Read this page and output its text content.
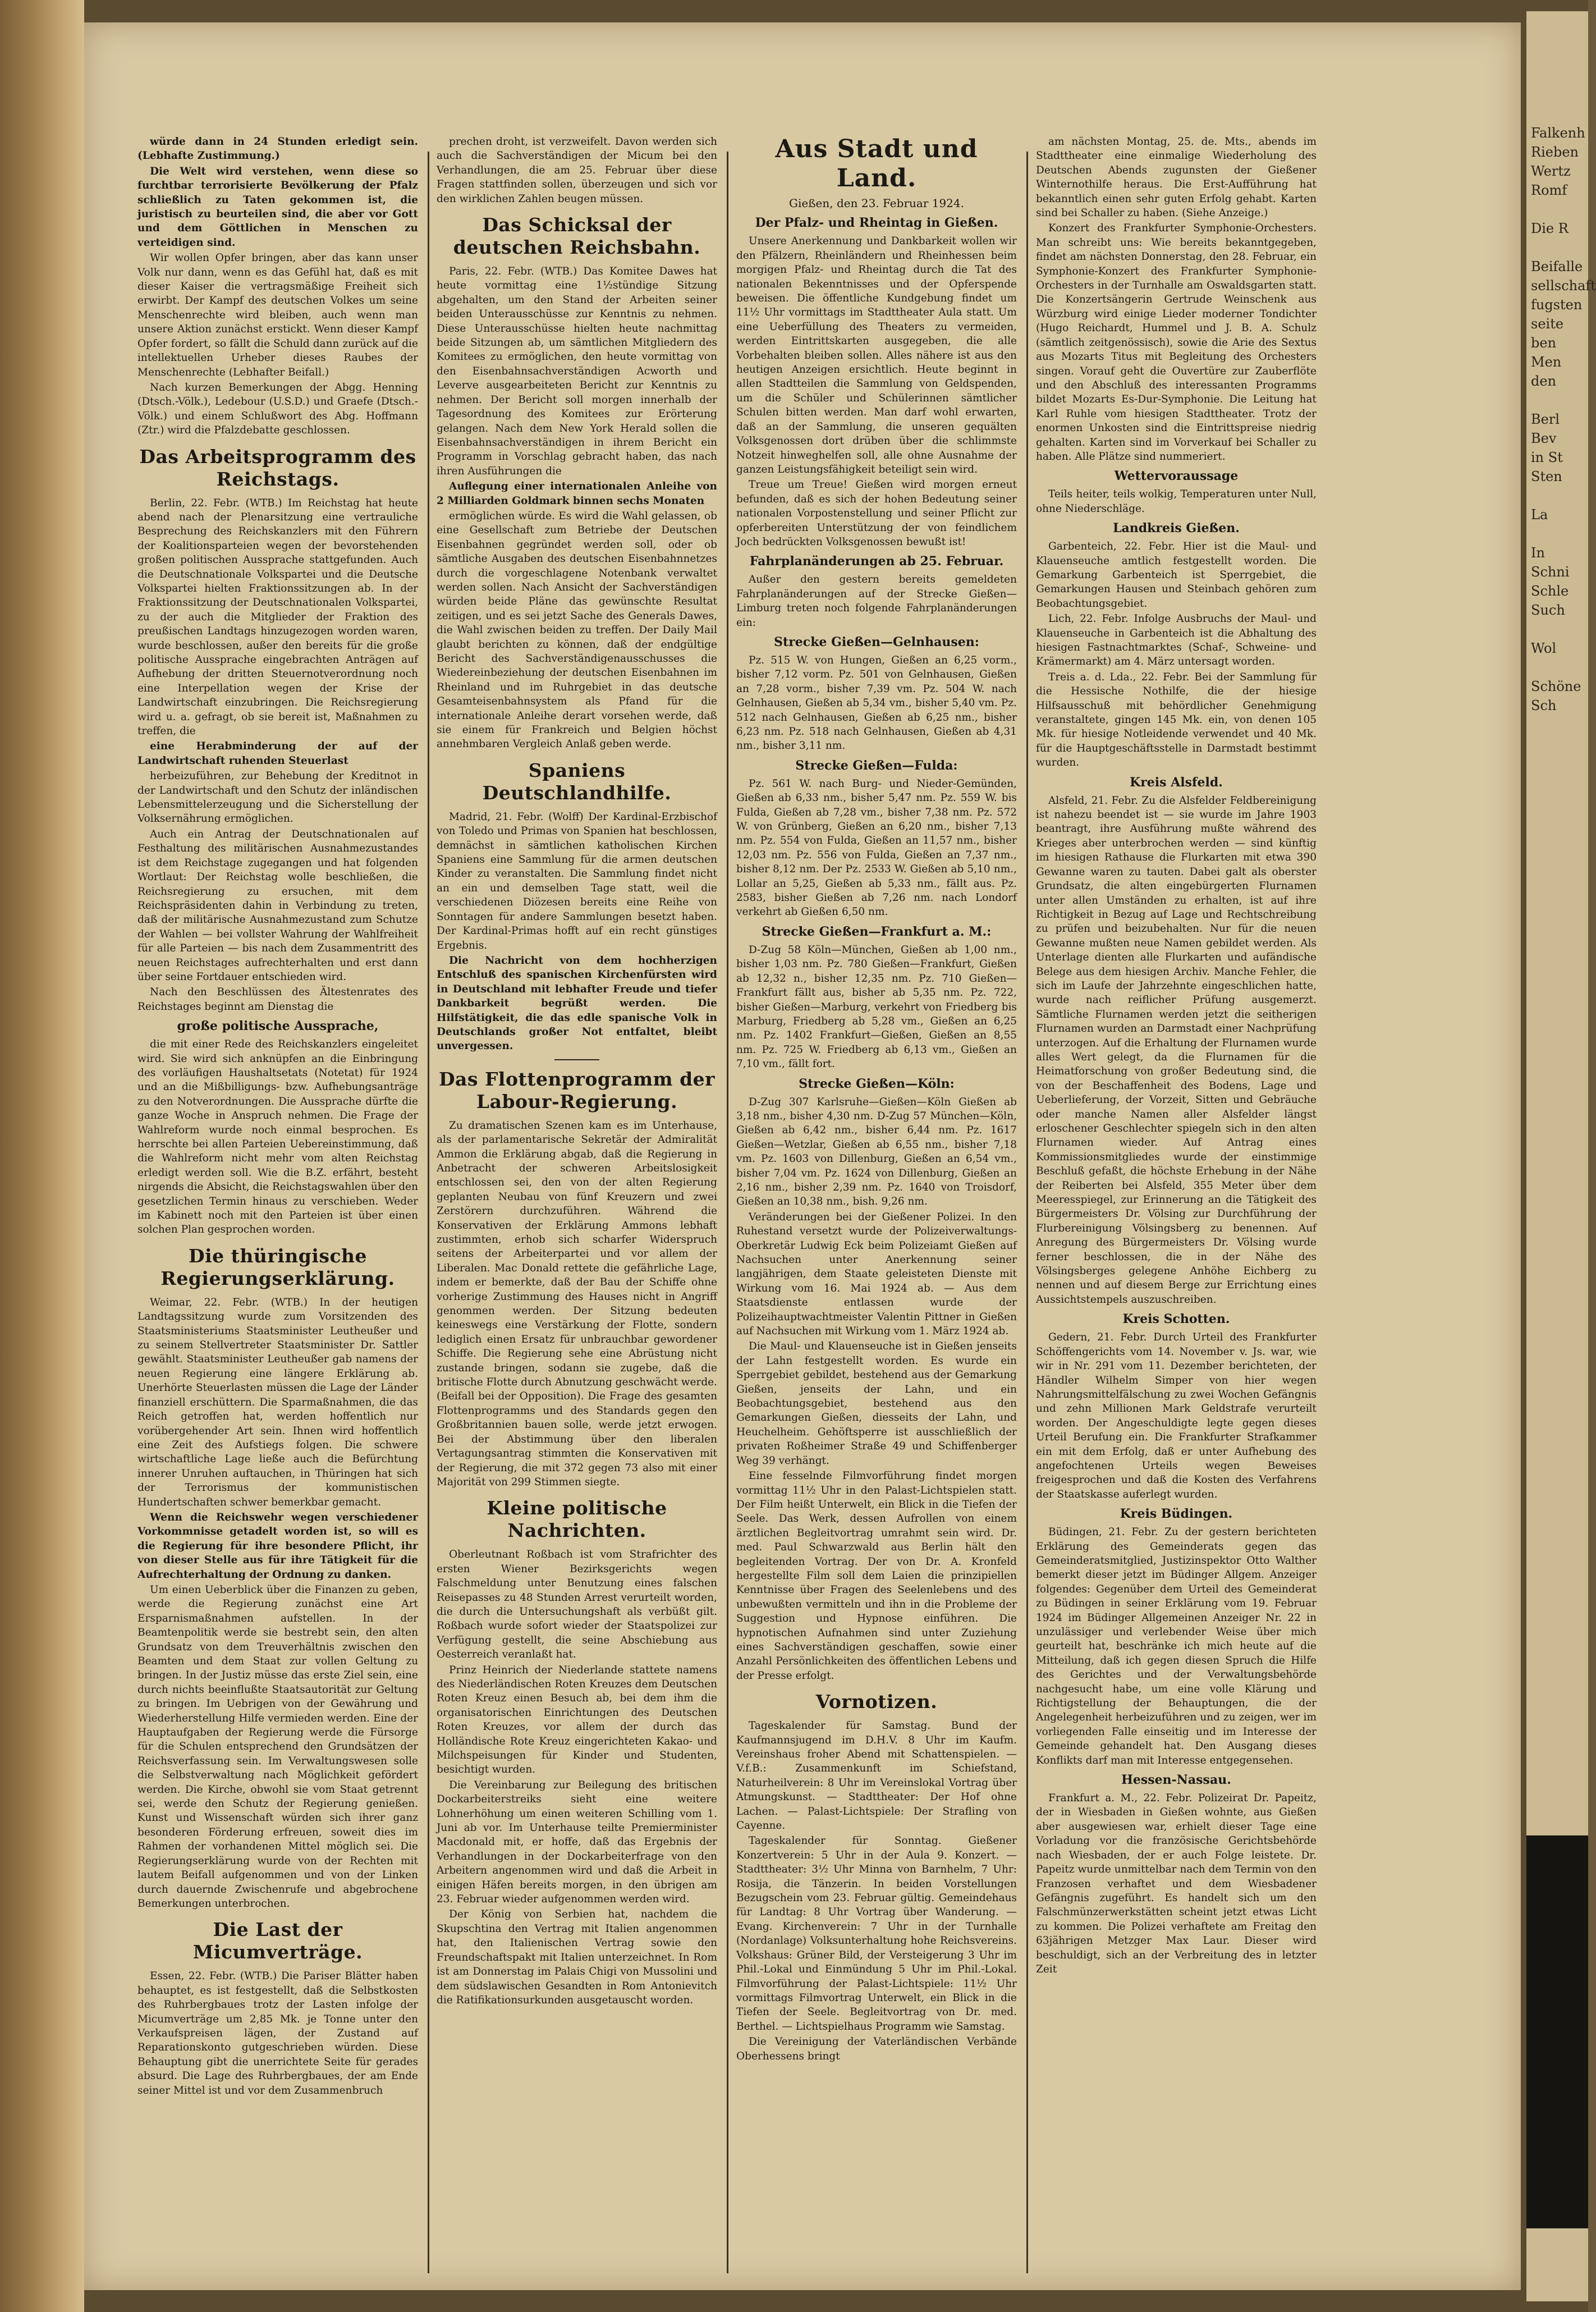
würde dann in 24 Stunden erledigt sein. (Lebhafte Zustimmung.)

Die Welt wird verstehen, wenn diese so furchtbar terrorisierte Bevölkerung der Pfalz schließlich zu Taten gekommen ist, die juristisch zu beurteilen sind, die aber vor Gott und dem Göttlichen in Menschen zu verteidigen sind.

Wir wollen Opfer bringen, aber das kann unser Volk nur dann, wenn es das Gefühl hat, daß es mit dieser Kaiser die vertragsmäßige Freiheit sich erwirbt. Der Kampf des deutschen Volkes um seine Menschenrechte wird bleiben, auch wenn man unsere Aktion zunächst erstickt. Wenn dieser Kampf Opfer fordert, so fällt die Schuld dann zurück auf die intellektuellen Urheber dieses Raubes der Menschenrechte (Lebhafter Beifall.)

Nach kurzen Bemerkungen der Abgg. Henning (Dtsch.-Völk.), Ledebour (U.S.D.) und Graefe (Dtsch.-Völk.) und einem Schlußwort des Abg. Hoffmann (Ztr.) wird die Pfalzdebatte geschlossen.

Das Arbeitsprogramm des Reichstags.

Berlin, 22. Febr. (WTB.) Im Reichstag hat heute abend nach der Plenarsitzung eine vertrauliche Besprechung des Reichskanzlers mit den Führern der Koalitionsparteien wegen der bevorstehenden großen politischen Aussprache stattgefunden. Auch die Deutschnationale Volkspartei und die Deutsche Volkspartei hielten Fraktionssitzungen ab. In der Fraktionssitzung der Deutschnationalen Volkspartei, zu der auch die Mitglieder der Fraktion des preußischen Landtags hinzugezogen worden waren, wurde beschlossen, außer den bereits für die große politische Aussprache eingebrachten Anträgen auf Aufhebung der dritten Steuernotverordnung noch eine Interpellation wegen der Krise der Landwirtschaft einzubringen. Die Reichsregierung wird u. a. gefragt, ob sie bereit ist, Maßnahmen zu treffen, die

eine Herabminderung der auf der Landwirtschaft ruhenden Steuerlast

herbeizuführen, zur Behebung der Kreditnot in der Landwirtschaft und den Schutz der inländischen Lebensmittelerzeugung und die Sicherstellung der Volksernährung ermöglichen.

Auch ein Antrag der Deutschnationalen auf Festhaltung des militärischen Ausnahmezustandes ist dem Reichstage zugegangen und hat folgenden Wortlaut: Der Reichstag wolle beschließen, die Reichsregierung zu ersuchen, mit dem Reichspräsidenten dahin in Verbindung zu treten, daß der militärische Ausnahmezustand zum Schutze der Wahlen — bei vollster Wahrung der Wahlfreiheit für alle Parteien — bis nach dem Zusammentritt des neuen Reichstages aufrechterhalten und erst dann über seine Fortdauer entschieden wird.

Nach den Beschlüssen des Ältestenrates des Reichstages beginnt am Dienstag die

große politische Aussprache,

die mit einer Rede des Reichskanzlers eingeleitet wird. Sie wird sich anknüpfen an die Einbringung des vorläufigen Haushaltsetats (Notetat) für 1924 und an die Mißbilligungs- bzw. Aufhebungsanträge zu den Notverordnungen. Die Aussprache dürfte die ganze Woche in Anspruch nehmen. Die Frage der Wahlreform wurde noch einmal besprochen. Es herrschte bei allen Parteien Uebereinstimmung, daß die Wahlreform nicht mehr vom alten Reichstag erledigt werden soll. Wie die B.Z. erfährt, besteht nirgends die Absicht, die Reichstagswahlen über den gesetzlichen Termin hinaus zu verschieben. Weder im Kabinett noch mit den Parteien ist über einen solchen Plan gesprochen worden.

Die thüringische Regierungserklärung.

Weimar, 22. Febr. (WTB.) In der heutigen Landtagssitzung wurde zum Vorsitzenden des Staatsministeriums Staatsminister Leutheußer und zu seinem Stellvertreter Staatsminister Dr. Sattler gewählt. Staatsminister Leutheußer gab namens der neuen Regierung eine längere Erklärung ab. Unerhörte Steuerlasten müssen die Lage der Länder finanziell erschüttern. Die Sparmaßnahmen, die das Reich getroffen hat, werden hoffentlich nur vorübergehender Art sein. Ihnen wird hoffentlich eine Zeit des Aufstiegs folgen. Die schwere wirtschaftliche Lage ließe auch die Befürchtung innerer Unruhen auftauchen, in Thüringen hat sich der Terrorismus der kommunistischen Hundertschaften schwer bemerkbar gemacht.

Wenn die Reichswehr wegen verschiedener Vorkommnisse getadelt worden ist, so will es die Regierung für ihre besondere Pflicht, ihr von dieser Stelle aus für ihre Tätigkeit für die Aufrechterhaltung der Ordnung zu danken.

Um einen Ueberblick über die Finanzen zu geben, werde die Regierung zunächst eine Art Ersparnismaßnahmen aufstellen. In der Beamtenpolitik werde sie bestrebt sein, den alten Grundsatz von dem Treuverhältnis zwischen den Beamten und dem Staat zur vollen Geltung zu bringen. In der Justiz müsse das erste Ziel sein, eine durch nichts beeinflußte Staatsautorität zur Geltung zu bringen. Im Uebrigen von der Gewährung und Wiederherstellung Hilfe vermieden werden. Eine der Hauptaufgaben der Regierung werde die Fürsorge für die Schulen entsprechend den Grundsätzen der Reichsverfassung sein. Im Verwaltungswesen solle die Selbstverwaltung nach Möglichkeit gefördert werden. Die Kirche, obwohl sie vom Staat getrennt sei, werde den Schutz der Regierung genießen. Kunst und Wissenschaft würden sich ihrer ganz besonderen Förderung erfreuen, soweit dies im Rahmen der vorhandenen Mittel möglich sei. Die Regierungserklärung wurde von der Rechten mit lautem Beifall aufgenommen und von der Linken durch dauernde Zwischenrufe und abgebrochene Bemerkungen unterbrochen.

Die Last der Micumverträge.

Essen, 22. Febr. (WTB.) Die Pariser Blätter haben behauptet, es ist festgestellt, daß die Selbstkosten des Ruhrbergbaues trotz der Lasten infolge der Micumverträge um 2,85 Mk. je Tonne unter den Verkaufspreisen lägen, der Zustand auf Reparationskonto gutgeschrieben würden. Diese Behauptung gibt die unerrichtete Seite für gerades absurd. Die Lage des Ruhrbergbaues, der am Ende seiner Mittel ist und vor dem Zusammenbruch

prechen droht, ist verzweifelt. Davon werden sich auch die Sachverständigen der Micum bei den Verhandlungen, die am 25. Februar über diese Fragen stattfinden sollen, überzeugen und sich vor den wirklichen Zahlen beugen müssen.

Das Schicksal der deutschen Reichsbahn.

Paris, 22. Febr. (WTB.) Das Komitee Dawes hat heute vormittag eine 1½stündige Sitzung abgehalten, um den Stand der Arbeiten seiner beiden Unterausschüsse zur Kenntnis zu nehmen. Diese Unterausschüsse hielten heute nachmittag beide Sitzungen ab, um sämtlichen Mitgliedern des Komitees zu ermöglichen, den heute vormittag von den Eisenbahnsachverständigen Acworth und Leverve ausgearbeiteten Bericht zur Kenntnis zu nehmen. Der Bericht soll morgen innerhalb der Tagesordnung des Komitees zur Erörterung gelangen. Nach dem New York Herald sollen die Eisenbahnsachverständigen in ihrem Bericht ein Programm in Vorschlag gebracht haben, das nach ihren Ausführungen die

Auflegung einer internationalen Anleihe von 2 Milliarden Goldmark binnen sechs Monaten

ermöglichen würde. Es wird die Wahl gelassen, ob eine Gesellschaft zum Betriebe der Deutschen Eisenbahnen gegründet werden soll, oder ob sämtliche Ausgaben des deutschen Eisenbahnnetzes durch die vorgeschlagene Notenbank verwaltet werden sollen. Nach Ansicht der Sachverständigen würden beide Pläne das gewünschte Resultat zeitigen, und es sei jetzt Sache des Generals Dawes, die Wahl zwischen beiden zu treffen. Der Daily Mail glaubt berichten zu können, daß der endgültige Bericht des Sachverständigenausschusses die Wiedereinbeziehung der deutschen Eisenbahnen im Rheinland und im Ruhrgebiet in das deutsche Gesamteisenbahnsystem als Pfand für die internationale Anleihe derart vorsehen werde, daß sie einem für Frankreich und Belgien höchst annehmbaren Vergleich Anlaß geben werde.

Spaniens Deutschlandhilfe.

Madrid, 21. Febr. (Wolff) Der Kardinal-Erzbischof von Toledo und Primas von Spanien hat beschlossen, demnächst in sämtlichen katholischen Kirchen Spaniens eine Sammlung für die armen deutschen Kinder zu veranstalten. Die Sammlung findet nicht an ein und demselben Tage statt, weil die verschiedenen Diözesen bereits eine Reihe von Sonntagen für andere Sammlungen besetzt haben. Der Kardinal-Primas hofft auf ein recht günstiges Ergebnis.

Die Nachricht von dem hochherzigen Entschluß des spanischen Kirchenfürsten wird in Deutschland mit lebhafter Freude und tiefer Dankbarkeit begrüßt werden. Die Hilfstätigkeit, die das edle spanische Volk in Deutschlands großer Not entfaltet, bleibt unvergessen.

Das Flottenprogramm der Labour-Regierung.

Zu dramatischen Szenen kam es im Unterhause, als der parlamentarische Sekretär der Admiralität Ammon die Erklärung abgab, daß die Regierung in Anbetracht der schweren Arbeitslosigkeit entschlossen sei, den von der alten Regierung geplanten Neubau von fünf Kreuzern und zwei Zerstörern durchzuführen. Während die Konservativen der Erklärung Ammons lebhaft zustimmten, erhob sich scharfer Widerspruch seitens der Arbeiterpartei und vor allem der Liberalen. Mac Donald rettete die gefährliche Lage, indem er bemerkte, daß der Bau der Schiffe ohne vorherige Zustimmung des Hauses nicht in Angriff genommen werden. Der Sitzung bedeuten keineswegs eine Verstärkung der Flotte, sondern lediglich einen Ersatz für unbrauchbar gewordener Schiffe. Die Regierung sehe eine Abrüstung nicht zustande bringen, sodann sie zugebe, daß die britische Flotte durch Abnutzung geschwächt werde. (Beifall bei der Opposition). Die Frage des gesamten Flottenprogramms und des Standards gegen den Großbritannien bauen solle, werde jetzt erwogen. Bei der Abstimmung über den liberalen Vertagungsantrag stimmten die Konservativen mit der Regierung, die mit 372 gegen 73 also mit einer Majorität von 299 Stimmen siegte.

Kleine politische Nachrichten.

Oberleutnant Roßbach ist vom Strafrichter des ersten Wiener Bezirksgerichts wegen Falschmeldung unter Benutzung eines falschen Reisepasses zu 48 Stunden Arrest verurteilt worden, die durch die Untersuchungshaft als verbüßt gilt. Roßbach wurde sofort wieder der Staatspolizei zur Verfügung gestellt, die seine Abschiebung aus Oesterreich veranlaßt hat.

Prinz Heinrich der Niederlande stattete namens des Niederländischen Roten Kreuzes dem Deutschen Roten Kreuz einen Besuch ab, bei dem ihm die organisatorischen Einrichtungen des Deutschen Roten Kreuzes, vor allem der durch das Holländische Rote Kreuz eingerichteten Kakao- und Milchspeisungen für Kinder und Studenten, besichtigt wurden.

Die Vereinbarung zur Beilegung des britischen Dockarbeiterstreiks sieht eine weitere Lohnerhöhung um einen weiteren Schilling vom 1. Juni ab vor. Im Unterhause teilte Premierminister Macdonald mit, er hoffe, daß das Ergebnis der Verhandlungen in der Dockarbeiterfrage von den Arbeitern angenommen wird und daß die Arbeit in einigen Häfen bereits morgen, in den übrigen am 23. Februar wieder aufgenommen werden wird.

Der König von Serbien hat, nachdem die Skupschtina den Vertrag mit Italien angenommen hat, den Italienischen Vertrag sowie den Freundschaftspakt mit Italien unterzeichnet. In Rom ist am Donnerstag im Palais Chigi von Mussolini und dem südslawischen Gesandten in Rom Antonievitch die Ratifikationsurkunden ausgetauscht worden.

Aus Stadt und Land.
Gießen, den 23. Februar 1924.
Der Pfalz- und Rheintag in Gießen.

Unsere Anerkennung und Dankbarkeit wollen wir den Pfälzern, Rheinländern und Rheinhessen beim morgigen Pfalz- und Rheintag durch die Tat des nationalen Bekenntnisses und der Opferspende beweisen. Die öffentliche Kundgebung findet um 11½ Uhr vormittags im Stadttheater Aula statt. Um eine Ueberfüllung des Theaters zu vermeiden, werden Eintrittskarten ausgegeben, die alle Vorbehalten bleiben sollen. Alles nähere ist aus den heutigen Anzeigen ersichtlich. Heute beginnt in allen Stadtteilen die Sammlung von Geldspenden, um die Schüler und Schülerinnen sämtlicher Schulen bitten werden. Man darf wohl erwarten, daß an der Sammlung, die unseren gequälten Volksgenossen dort drüben über die schlimmste Notzeit hinweghelfen soll, alle ohne Ausnahme der ganzen Leistungsfähigkeit beteiligt sein wird.

Treue um Treue! Gießen wird morgen erneut befunden, daß es sich der hohen Bedeutung seiner nationalen Vorpostenstellung und seiner Pflicht zur opferbereiten Unterstützung der von feindlichem Joch bedrückten Volksgenossen bewußt ist!

Fahrplanänderungen ab 25. Februar.

Außer den gestern bereits gemeldeten Fahrplanänderungen auf der Strecke Gießen—Limburg treten noch folgende Fahrplanänderungen ein:

Strecke Gießen—Gelnhausen:

Pz. 515 W. von Hungen, Gießen an 6,25 vorm., bisher 7,12 vorm. Pz. 501 von Gelnhausen, Gießen an 7,28 vorm., bisher 7,39 vm. Pz. 504 W. nach Gelnhausen, Gießen ab 5,34 vm., bisher 5,40 vm. Pz. 512 nach Gelnhausen, Gießen ab 6,25 nm., bisher 6,23 nm. Pz. 518 nach Gelnhausen, Gießen ab 4,31 nm., bisher 3,11 nm.

Strecke Gießen—Fulda:

Pz. 561 W. nach Burg- und Nieder-Gemünden, Gießen ab 6,33 nm., bisher 5,47 nm. Pz. 559 W. bis Fulda, Gießen ab 7,28 vm., bisher 7,38 nm. Pz. 572 W. von Grünberg, Gießen an 6,20 nm., bisher 7,13 nm. Pz. 554 von Fulda, Gießen an 11,57 nm., bisher 12,03 nm. Pz. 556 von Fulda, Gießen an 7,37 nm., bisher 8,12 nm. Der Pz. 2533 W. Gießen ab 5,10 nm., Lollar an 5,25, Gießen ab 5,33 nm., fällt aus. Pz. 2583, bisher Gießen ab 7,26 nm. nach Londorf verkehrt ab Gießen 6,50 nm.

Strecke Gießen—Frankfurt a. M.:

D-Zug 58 Köln—München, Gießen ab 1,00 nm., bisher 1,03 nm. Pz. 780 Gießen—Frankfurt, Gießen ab 12,32 n., bisher 12,35 nm. Pz. 710 Gießen—Frankfurt fällt aus, bisher ab 5,35 nm. Pz. 722, bisher Gießen—Marburg, verkehrt von Friedberg bis Marburg, Friedberg ab 5,28 vm., Gießen an 6,25 nm. Pz. 1402 Frankfurt—Gießen, Gießen an 8,55 nm. Pz. 725 W. Friedberg ab 6,13 vm., Gießen an 7,10 vm., fällt fort.

Strecke Gießen—Köln:

D-Zug 307 Karlsruhe—Gießen—Köln Gießen ab 3,18 nm., bisher 4,30 nm. D-Zug 57 München—Köln, Gießen ab 6,42 nm., bisher 6,44 nm. Pz. 1617 Gießen—Wetzlar, Gießen ab 6,55 nm., bisher 7,18 vm. Pz. 1603 von Dillenburg, Gießen an 6,54 vm., bisher 7,04 vm. Pz. 1624 von Dillenburg, Gießen an 2,16 nm., bisher 2,39 nm. Pz. 1640 von Troisdorf, Gießen an 10,38 nm., bish. 9,26 nm.

Veränderungen bei der Gießener Polizei. In den Ruhestand versetzt wurde der Polizeiverwaltungs-Oberkretär Ludwig Eck beim Polizeiamt Gießen auf Nachsuchen unter Anerkennung seiner langjährigen, dem Staate geleisteten Dienste mit Wirkung vom 16. Mai 1924 ab. — Aus dem Staatsdienste entlassen wurde der Polizeihauptwachtmeister Valentin Pittner in Gießen auf Nachsuchen mit Wirkung vom 1. März 1924 ab.

Die Maul- und Klauenseuche ist in Gießen jenseits der Lahn festgestellt worden. Es wurde ein Sperrgebiet gebildet, bestehend aus der Gemarkung Gießen, jenseits der Lahn, und ein Beobachtungsgebiet, bestehend aus den Gemarkungen Gießen, diesseits der Lahn, und Heuchelheim. Gehöftsperre ist ausschließlich der privaten Roßheimer Straße 49 und Schiffenberger Weg 39 verhängt.

Eine fesselnde Filmvorführung findet morgen vormittag 11½ Uhr in den Palast-Lichtspielen statt. Der Film heißt Unterwelt, ein Blick in die Tiefen der Seele. Das Werk, dessen Aufrollen von einem ärztlichen Begleitvortrag umrahmt sein wird. Dr. med. Paul Schwarzwald aus Berlin hält den begleitenden Vortrag. Der von Dr. A. Kronfeld hergestellte Film soll dem Laien die prinzipiellen Kenntnisse über Fragen des Seelenlebens und des unbewußten vermitteln und ihn in die Probleme der Suggestion und Hypnose einführen. Die hypnotischen Aufnahmen sind unter Zuziehung eines Sachverständigen geschaffen, sowie einer Anzahl Persönlichkeiten des öffentlichen Lebens und der Presse erfolgt.

Vornotizen.

Tageskalender für Samstag. Bund der Kaufmannsjugend im D.H.V. 8 Uhr im Kaufm. Vereinshaus froher Abend mit Schattenspielen. — V.f.B.: Zusammenkunft im Schiefstand, Naturheilverein: 8 Uhr im Vereinslokal Vortrag über Atmungskunst. — Stadttheater: Der Hof ohne Lachen. — Palast-Lichtspiele: Der Strafling von Cayenne.

Tageskalender für Sonntag. Gießener Konzertverein: 5 Uhr in der Aula 9. Konzert. — Stadttheater: 3½ Uhr Minna von Barnhelm, 7 Uhr: Rosija, die Tänzerin. In beiden Vorstellungen Bezugschein vom 23. Februar gültig. Gemeindehaus für Landtag: 8 Uhr Vortrag über Wanderung. — Evang. Kirchenverein: 7 Uhr in der Turnhalle (Nordanlage) Volksunterhaltung hohe Reichsvereins. Volkshaus: Grüner Bild, der Versteigerung 3 Uhr im Phil.-Lokal und Einmündung 5 Uhr im Phil.-Lokal. Filmvorführung der Palast-Lichtspiele: 11½ Uhr vormittags Filmvortrag Unterwelt, ein Blick in die Tiefen der Seele. Begleitvortrag von Dr. med. Berthel. — Lichtspielhaus Programm wie Samstag.

Die Vereinigung der Vaterländischen Verbände Oberhessens bringt

am nächsten Montag, 25. de. Mts., abends im Stadttheater eine einmalige Wiederholung des Deutschen Abends zugunsten der Gießener Winternothilfe heraus. Die Erst-Aufführung hat bekanntlich einen sehr guten Erfolg gehabt. Karten sind bei Schaller zu haben. (Siehe Anzeige.)

Konzert des Frankfurter Symphonie-Orchesters. Man schreibt uns: Wie bereits bekanntgegeben, findet am nächsten Donnerstag, den 28. Februar, ein Symphonie-Konzert des Frankfurter Symphonie-Orchesters in der Turnhalle am Oswaldsgarten statt. Die Konzertsängerin Gertrude Weinschenk aus Würzburg wird einige Lieder moderner Tondichter (Hugo Reichardt, Hummel und J. B. A. Schulz (sämtlich zeitgenössisch), sowie die Arie des Sextus aus Mozarts Titus mit Begleitung des Orchesters singen. Vorauf geht die Ouvertüre zur Zauberflöte und den Abschluß des interessanten Programms bildet Mozarts Es-Dur-Symphonie. Die Leitung hat Karl Ruhle vom hiesigen Stadttheater. Trotz der enormen Unkosten sind die Eintrittspreise niedrig gehalten. Karten sind im Vorverkauf bei Schaller zu haben. Alle Plätze sind nummeriert.

Wettervoraussage

Teils heiter, teils wolkig, Temperaturen unter Null, ohne Niederschläge.

Landkreis Gießen.

Garbenteich, 22. Febr. Hier ist die Maul- und Klauenseuche amtlich festgestellt worden. Die Gemarkung Garbenteich ist Sperrgebiet, die Gemarkungen Hausen und Steinbach gehören zum Beobachtungsgebiet.

Lich, 22. Febr. Infolge Ausbruchs der Maul- und Klauenseuche in Garbenteich ist die Abhaltung des hiesigen Fastnachtmarktes (Schaf-, Schweine- und Krämermarkt) am 4. März untersagt worden.

Treis a. d. Lda., 22. Febr. Bei der Sammlung für die Hessische Nothilfe, die der hiesige Hilfsausschuß mit behördlicher Genehmigung veranstaltete, gingen 145 Mk. ein, von denen 105 Mk. für hiesige Notleidende verwendet und 40 Mk. für die Hauptgeschäftsstelle in Darmstadt bestimmt wurden.

Kreis Alsfeld.

Alsfeld, 21. Febr. Zu die Alsfelder Feldbereinigung ist nahezu beendet ist — sie wurde im Jahre 1903 beantragt, ihre Ausführung mußte während des Krieges aber unterbrochen werden — sind künftig im hiesigen Rathause die Flurkarten mit etwa 390 Gewanne waren zu tauten. Dabei galt als oberster Grundsatz, die alten eingebürgerten Flurnamen unter allen Umständen zu erhalten, ist auf ihre Richtigkeit in Bezug auf Lage und Rechtschreibung zu prüfen und beizubehalten. Nur für die neuen Gewanne mußten neue Namen gebildet werden. Als Unterlage dienten alle Flurkarten und aufändische Belege aus dem hiesigen Archiv. Manche Fehler, die sich im Laufe der Jahrzehnte eingeschlichen hatte, wurde nach reiflicher Prüfung ausgemerzt. Sämtliche Flurnamen werden jetzt die seitherigen Flurnamen wurden an Darmstadt einer Nachprüfung unterzogen. Auf die Erhaltung der Flurnamen wurde alles Wert gelegt, da die Flurnamen für die Heimatforschung von großer Bedeutung sind, die von der Beschaffenheit des Bodens, Lage und Ueberlieferung, der Vorzeit, Sitten und Gebräuche oder manche Namen aller Alsfelder längst erloschener Geschlechter spiegeln sich in den alten Flurnamen wieder. Auf Antrag eines Kommissionsmitgliedes wurde der einstimmige Beschluß gefaßt, die höchste Erhebung in der Nähe der Reiberten bei Alsfeld, 355 Meter über dem Meeresspiegel, zur Erinnerung an die Tätigkeit des Bürgermeisters Dr. Völsing zur Durchführung der Flurbereinigung Völsingsberg zu benennen. Auf Anregung des Bürgermeisters Dr. Völsing wurde ferner beschlossen, die in der Nähe des Völsingsberges gelegene Anhöhe Eichberg zu nennen und auf diesem Berge zur Errichtung eines Aussichtstempels auszuschreiben.

Kreis Schotten.

Gedern, 21. Febr. Durch Urteil des Frankfurter Schöffengerichts vom 14. November v. Js. war, wie wir in Nr. 291 vom 11. Dezember berichteten, der Händler Wilhelm Simper von hier wegen Nahrungsmittelfälschung zu zwei Wochen Gefängnis und zehn Millionen Mark Geldstrafe verurteilt worden. Der Angeschuldigte legte gegen dieses Urteil Berufung ein. Die Frankfurter Strafkammer ein mit dem Erfolg, daß er unter Aufhebung des angefochtenen Urteils wegen Beweises freigesprochen und daß die Kosten des Verfahrens der Staatskasse auferlegt wurden.

Kreis Büdingen.

Büdingen, 21. Febr. Zu der gestern berichteten Erklärung des Gemeinderats gegen das Gemeinderatsmitglied, Justizinspektor Otto Walther bemerkt dieser jetzt im Büdinger Allgem. Anzeiger folgendes: Gegenüber dem Urteil des Gemeinderat zu Büdingen in seiner Erklärung vom 19. Februar 1924 im Büdinger Allgemeinen Anzeiger Nr. 22 in unzulässiger und verlebender Weise über mich geurteilt hat, beschränke ich mich heute auf die Mitteilung, daß ich gegen diesen Spruch die Hilfe des Gerichtes und der Verwaltungsbehörde nachgesucht habe, um eine volle Klärung und Richtigstellung der Behauptungen, die der Angelegenheit herbeizuführen und zu zeigen, wer im vorliegenden Falle einseitig und im Interesse der Gemeinde gehandelt hat. Den Ausgang dieses Konflikts darf man mit Interesse entgegensehen.

Hessen-Nassau.

Frankfurt a. M., 22. Febr. Polizeirat Dr. Papeitz, der in Wiesbaden in Gießen wohnte, aus Gießen aber ausgewiesen war, erhielt dieser Tage eine Vorladung vor die französische Gerichtsbehörde nach Wiesbaden, der er auch Folge leistete. Dr. Papeitz wurde unmittelbar nach dem Termin von den Franzosen verhaftet und dem Wiesbadener Gefängnis zugeführt. Es handelt sich um den Falschmünzerwerkstätten scheint jetzt etwas Licht zu kommen. Die Polizei verhaftete am Freitag den 63jährigen Metzger Max Laur. Dieser wird beschuldigt, sich an der Verbreitung des in letzter Zeit

Falkenh
Rieben
Wertz
Romf

Die R

Beifalle
sellschaft
fugsten
seite
ben
Men
den

Berl
Bev
in St
Sten

La

In
Schni
Schle
Such

Wol

Schöne
Sch
